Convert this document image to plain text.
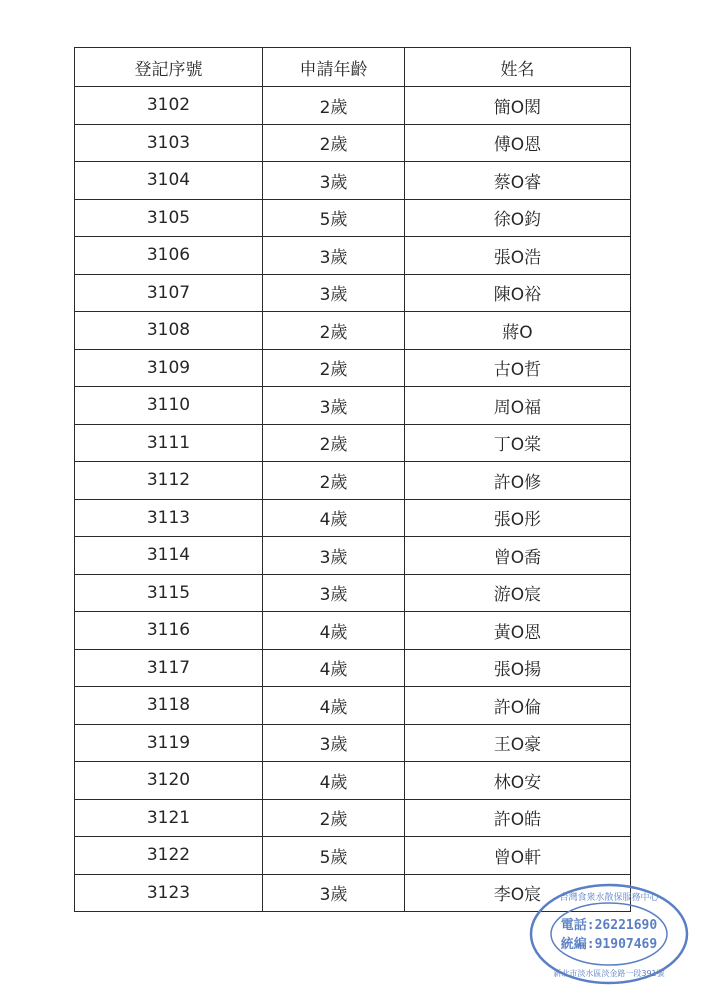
登記序號	申請年齡	姓名
3102	2歲	簡O閎
3103	2歲	傅O恩
3104	3歲	蔡O睿
3105	5歲	徐O鈞
3106	3歲	張O浩
3107	3歲	陳O裕
3108	2歲	蔣O
3109	2歲	古O哲
3110	3歲	周O福
3111	2歲	丁O棠
3112	2歲	許O修
3113	4歲	張O彤
3114	3歲	曾O喬
3115	3歲	游O宸
3116	4歲	黃O恩
3117	4歲	張O揚
3118	4歲	許O倫
3119	3歲	王O豪
3120	4歲	林O安
3121	2歲	許O皓
3122	5歲	曾O軒
3123	3歲	李O宸
電話:26221690
統編:91907469
台灣食衆水散保服務中心
新北市淡水區淡金路一段391號
